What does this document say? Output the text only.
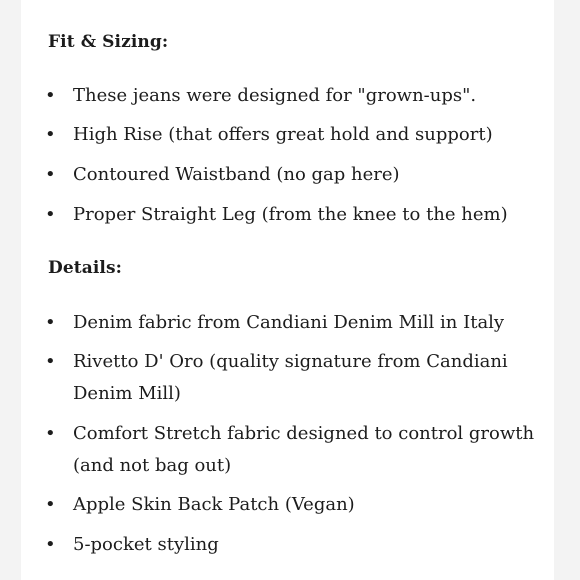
Fit & Sizing:
• These jeans were designed for "grown-ups".
• High Rise (that offers great hold and support)
• Contoured Waistband (no gap here)
• Proper Straight Leg (from the knee to the hem)
Details:
• Denim fabric from Candiani Denim Mill in Italy
• Rivetto D' Oro (quality signature from Candiani
Denim Mill)
• Comfort Stretch fabric designed to control growth
(and not bag out)
• Apple Skin Back Patch (Vegan)
• 5-pocket styling
